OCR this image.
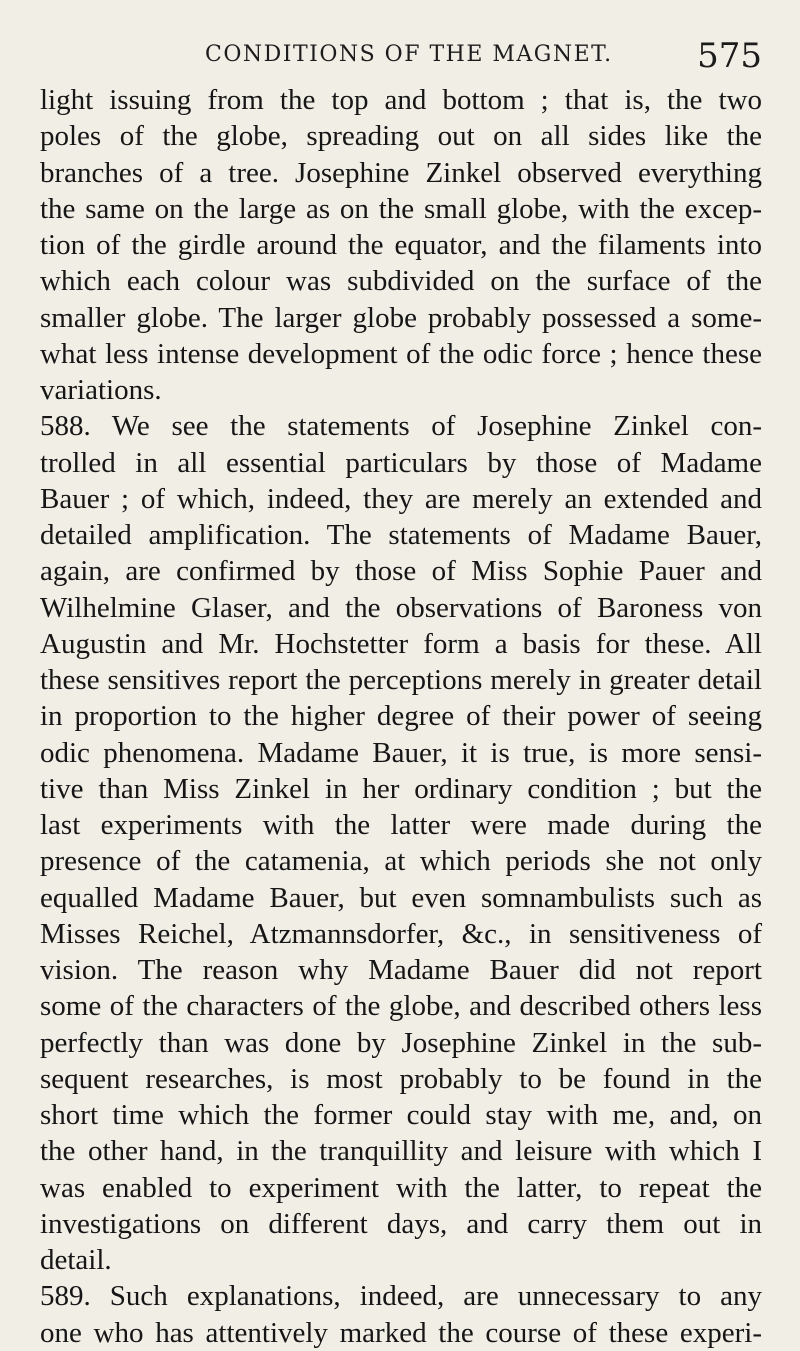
CONDITIONS OF THE MAGNET. 575
light issuing from the top and bottom ; that is, the two
poles of the globe, spreading out on all sides like the
branches of a tree. Josephine Zinkel observed everything
the same on the large as on the small globe, with the excep-
tion of the girdle around the equator, and the filaments into
which each colour was subdivided on the surface of the
smaller globe. The larger globe probably possessed a some-
what less intense development of the odic force ; hence these
variations.
588. We see the statements of Josephine Zinkel con-
trolled in all essential particulars by those of Madame
Bauer ; of which, indeed, they are merely an extended and
detailed amplification. The statements of Madame Bauer,
again, are confirmed by those of Miss Sophie Pauer and
Wilhelmine Glaser, and the observations of Baroness von
Augustin and Mr. Hochstetter form a basis for these. All
these sensitives report the perceptions merely in greater detail
in proportion to the higher degree of their power of seeing
odic phenomena. Madame Bauer, it is true, is more sensi-
tive than Miss Zinkel in her ordinary condition ; but the
last experiments with the latter were made during the
presence of the catamenia, at which periods she not only
equalled Madame Bauer, but even somnambulists such as
Misses Reichel, Atzmannsdorfer, &c., in sensitiveness of
vision. The reason why Madame Bauer did not report
some of the characters of the globe, and described others less
perfectly than was done by Josephine Zinkel in the sub-
sequent researches, is most probably to be found in the
short time which the former could stay with me, and, on
the other hand, in the tranquillity and leisure with which I
was enabled to experiment with the latter, to repeat the
investigations on different days, and carry them out in
detail.
589. Such explanations, indeed, are unnecessary to any
one who has attentively marked the course of these experi-
